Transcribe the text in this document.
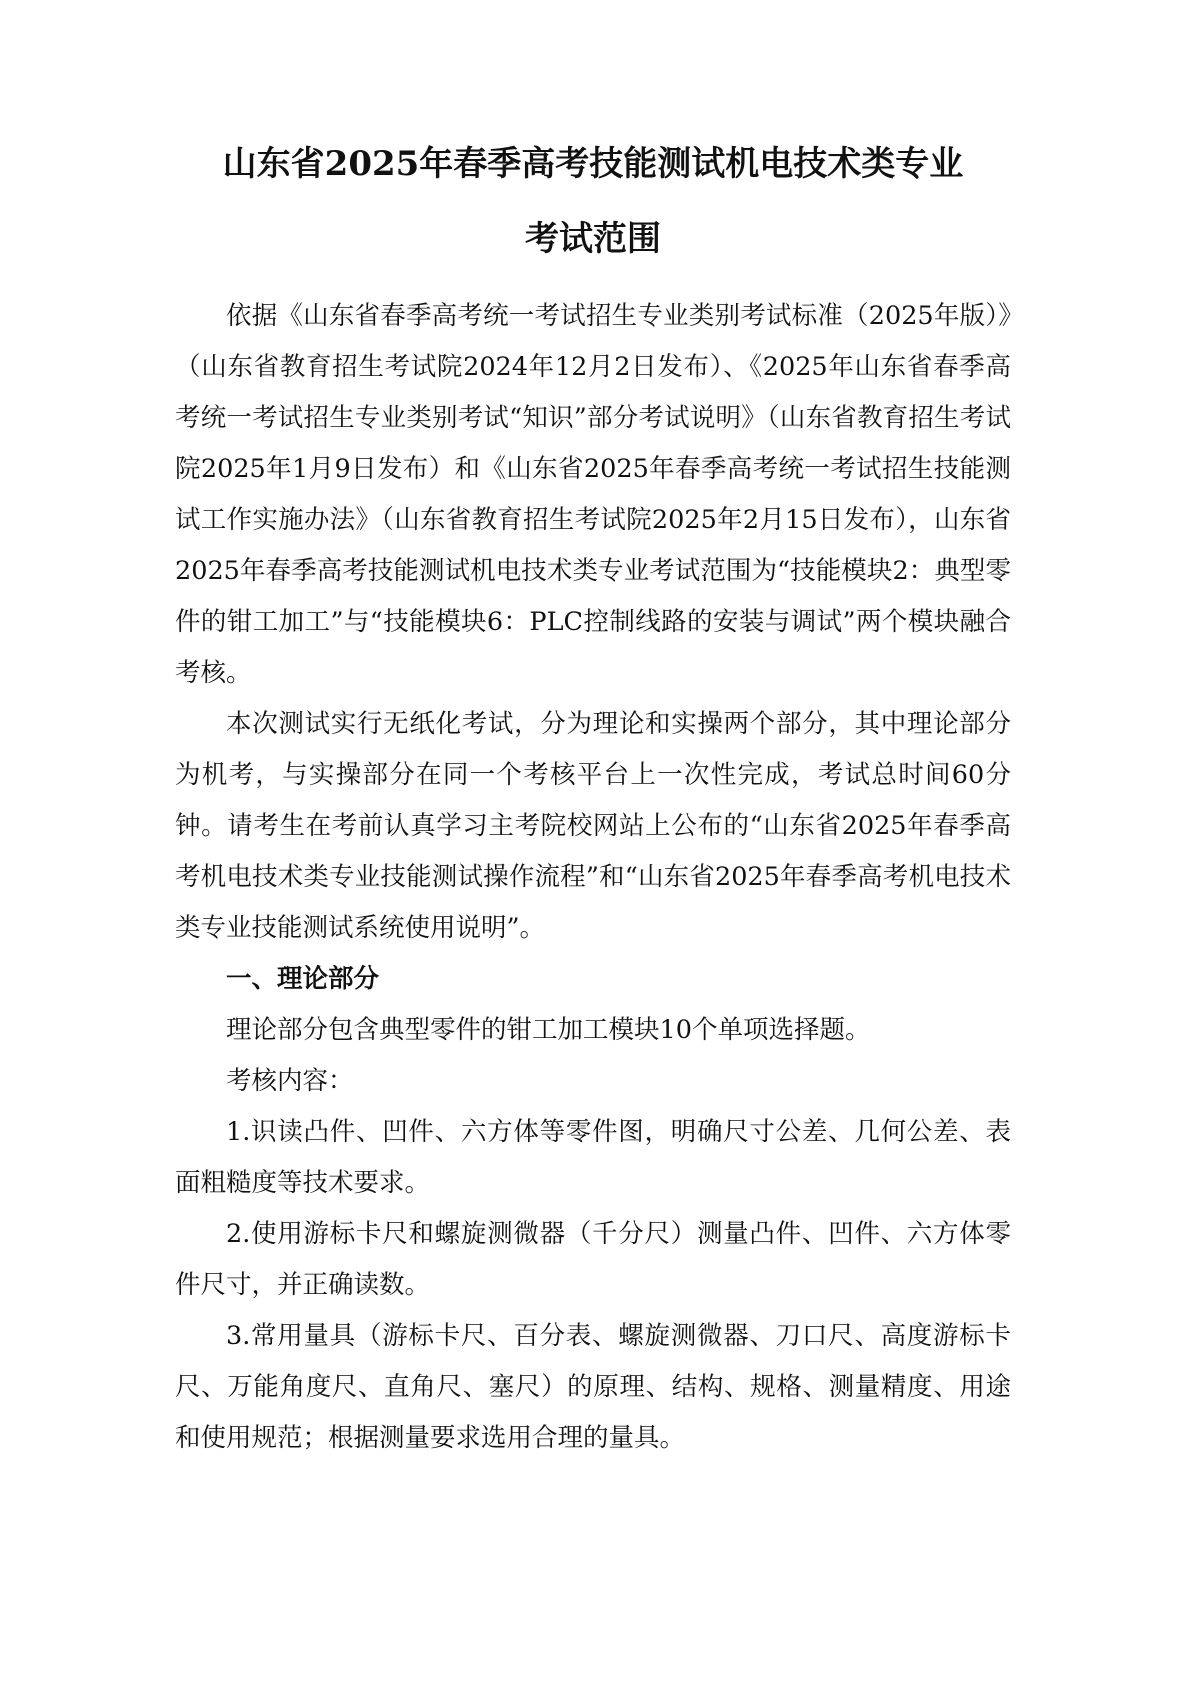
山东省2025年春季高考技能测试机电技术类专业
考试范围

依据《山东省春季高考统一考试招生专业类别考试标准（2025年版）》（山东省教育招生考试院2024年12月2日发布）、《2025年山东省春季高考统一考试招生专业类别考试“知识”部分考试说明》（山东省教育招生考试院2025年1月9日发布）和《山东省2025年春季高考统一考试招生技能测试工作实施办法》（山东省教育招生考试院2025年2月15日发布），山东省2025年春季高考技能测试机电技术类专业考试范围为“技能模块2：典型零件的钳工加工”与“技能模块6：PLC控制线路的安装与调试”两个模块融合考核。

本次测试实行无纸化考试，分为理论和实操两个部分，其中理论部分为机考，与实操部分在同一个考核平台上一次性完成，考试总时间60分钟。请考生在考前认真学习主考院校网站上公布的“山东省2025年春季高考机电技术类专业技能测试操作流程”和“山东省2025年春季高考机电技术类专业技能测试系统使用说明”。

一、理论部分

理论部分包含典型零件的钳工加工模块10个单项选择题。

考核内容：

1.识读凸件、凹件、六方体等零件图，明确尺寸公差、几何公差、表面粗糙度等技术要求。

2.使用游标卡尺和螺旋测微器（千分尺）测量凸件、凹件、六方体零件尺寸，并正确读数。

3.常用量具（游标卡尺、百分表、螺旋测微器、刀口尺、高度游标卡尺、万能角度尺、直角尺、塞尺）的原理、结构、规格、测量精度、用途和使用规范；根据测量要求选用合理的量具。
